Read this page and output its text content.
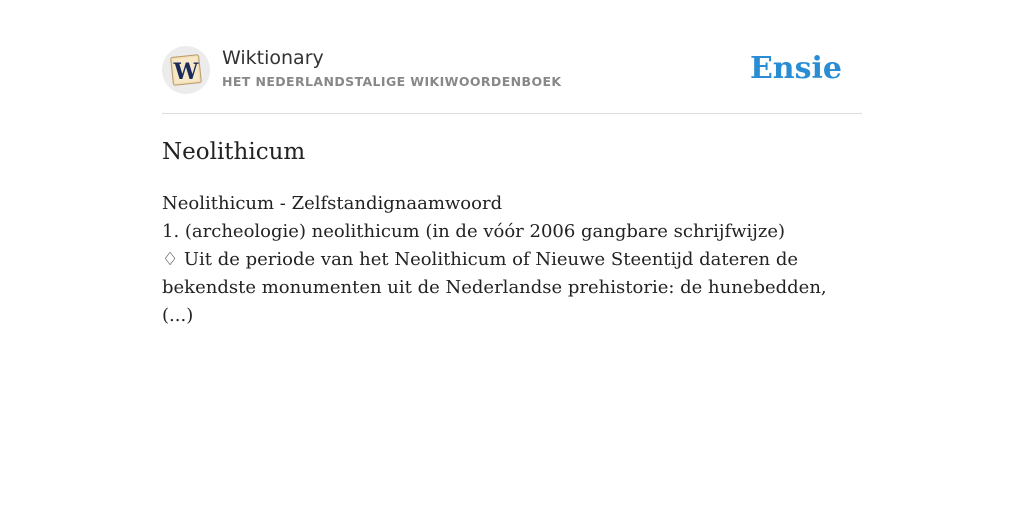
W
Wiktionary
HET NEDERLANDSTALIGE WIKIWOORDENBOEK	Ensie
Neolithicum

Neolithicum - Zelfstandignaamwoord

1. (archeologie) neolithicum (in de vóór 2006 gangbare schrijfwijze)

♢ Uit de periode van het Neolithicum of Nieuwe Steentijd dateren de bekendste monumenten uit de Nederlandse prehistorie: de hunebedden, (...)
